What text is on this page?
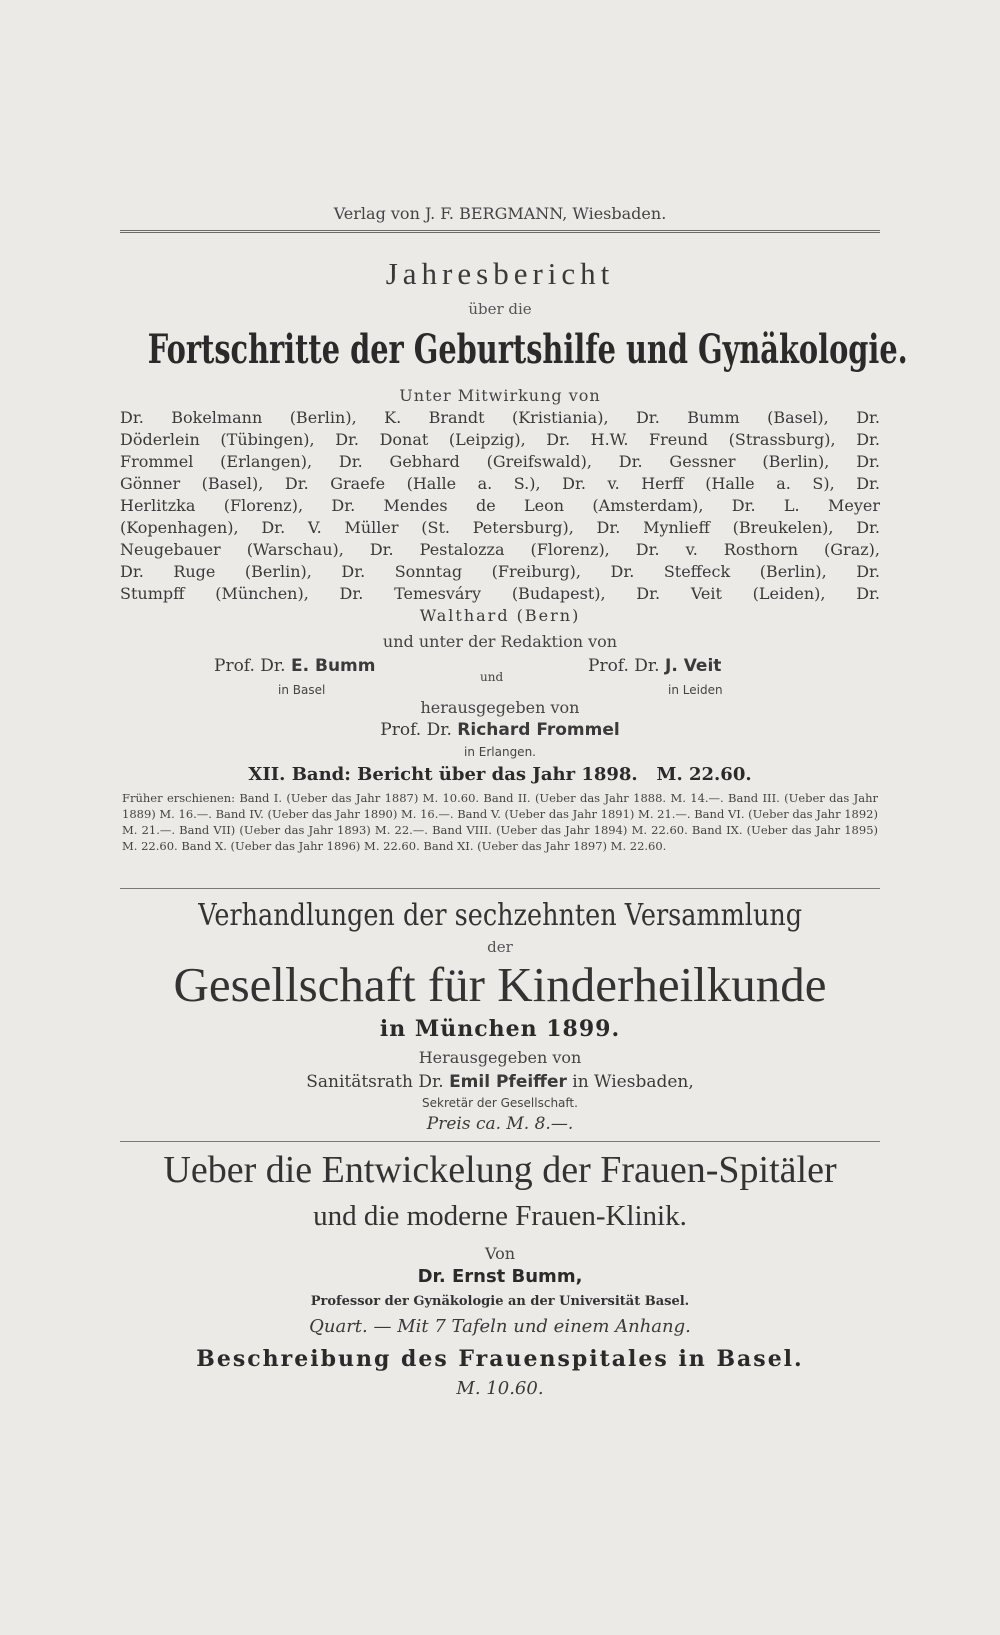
Verlag von J. F. BERGMANN, Wiesbaden.
Jahresbericht
über die
Fortschritte der Geburtshilfe und Gynäkologie.
Unter Mitwirkung von
Dr. Bokelmann (Berlin), K. Brandt (Kristiania), Dr. Bumm (Basel), Dr.
Döderlein (Tübingen), Dr. Donat (Leipzig), Dr. H.W. Freund (Strassburg), Dr.
Frommel (Erlangen), Dr. Gebhard (Greifswald), Dr. Gessner (Berlin), Dr.
Gönner (Basel), Dr. Graefe (Halle a. S.), Dr. v. Herff (Halle a. S), Dr.
Herlitzka (Florenz), Dr. Mendes de Leon (Amsterdam), Dr. L. Meyer
(Kopenhagen), Dr. V. Müller (St. Petersburg), Dr. Mynlieff (Breukelen), Dr.
Neugebauer (Warschau), Dr. Pestalozza (Florenz), Dr. v. Rosthorn (Graz),
Dr. Ruge (Berlin), Dr. Sonntag (Freiburg), Dr. Steffeck (Berlin), Dr.
Stumpff (München), Dr. Temesváry (Budapest), Dr. Veit (Leiden), Dr.
Walthard (Bern)
und unter der Redaktion von
Prof. Dr. E. Bumm
in Basel
und
Prof. Dr. J. Veit
in Leiden
herausgegeben von
Prof. Dr. Richard Frommel
in Erlangen.
XII. Band: Bericht über das Jahr 1898. M. 22.60.
Früher erschienen: Band I. (Ueber das Jahr 1887) M. 10.60. Band II. (Ueber das Jahr 1888. M. 14.—. Band III. (Ueber das Jahr 1889) M. 16.—. Band IV. (Ueber das Jahr 1890) M. 16.—. Band V. (Ueber das Jahr 1891) M. 21.—. Band VI. (Ueber das Jahr 1892) M. 21.—. Band VII) (Ueber das Jahr 1893) M. 22.—. Band VIII. (Ueber das Jahr 1894) M. 22.60. Band IX. (Ueber das Jahr 1895) M. 22.60. Band X. (Ueber das Jahr 1896) M. 22.60. Band XI. (Ueber das Jahr 1897) M. 22.60.
Verhandlungen der sechzehnten Versammlung
der
Gesellschaft für Kinderheilkunde
in München 1899.
Herausgegeben von
Sanitätsrath Dr. Emil Pfeiffer in Wiesbaden,
Sekretär der Gesellschaft.
Preis ca. M. 8.—.
Ueber die Entwickelung der Frauen-Spitäler
und die moderne Frauen-Klinik.
Von
Dr. Ernst Bumm,
Professor der Gynäkologie an der Universität Basel.
Quart. — Mit 7 Tafeln und einem Anhang.
Beschreibung des Frauenspitales in Basel.
M. 10.60.
